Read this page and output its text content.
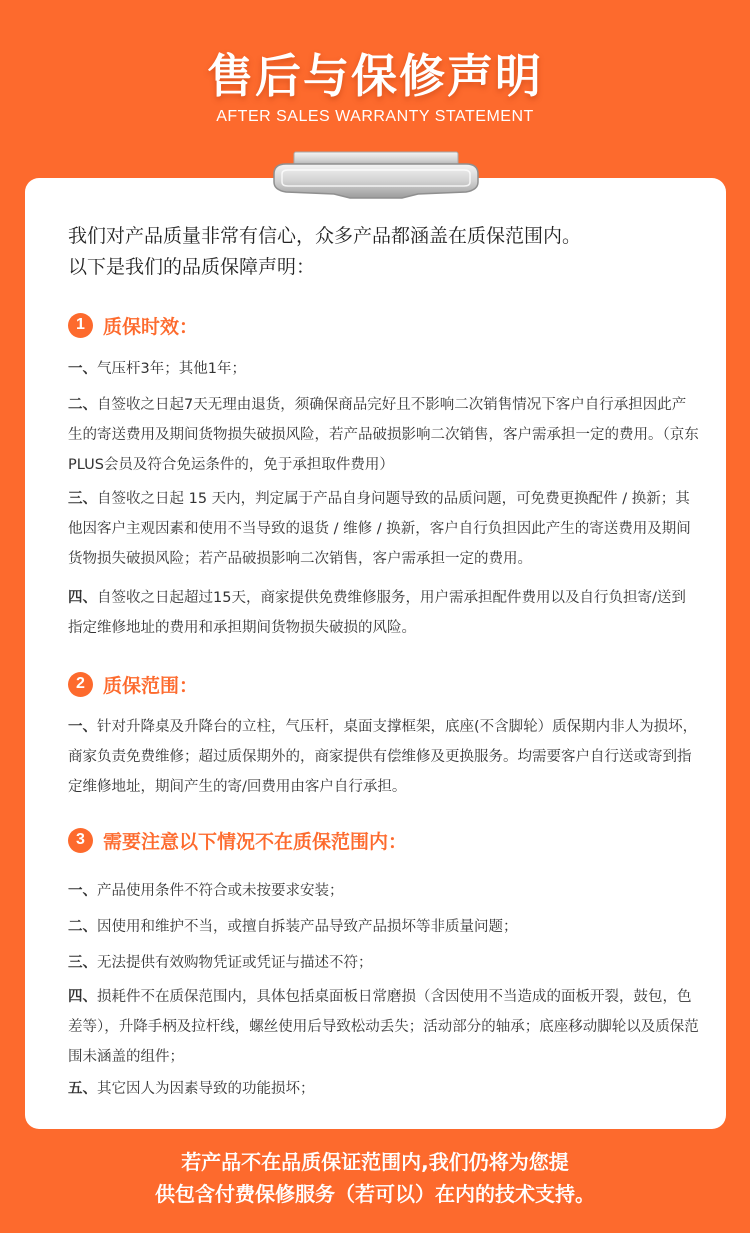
售后与保修声明
AFTER SALES WARRANTY STATEMENT
我们对产品质量非常有信心，众多产品都涵盖在质保范围内。
以下是我们的品质保障声明：
1 质保时效：
一、气压杆3年；其他1年；
二、自签收之日起7天无理由退货，须确保商品完好且不影响二次销售情况下客户自行承担因此产生的寄送费用及期间货物损失破损风险，若产品破损影响二次销售，客户需承担一定的费用。（京东PLUS会员及符合免运条件的，免于承担取件费用）
三、自签收之日起 15 天内，判定属于产品自身问题导致的品质问题，可免费更换配件 / 换新；其他因客户主观因素和使用不当导致的退货 / 维修 / 换新，客户自行负担因此产生的寄送费用及期间货物损失破损风险；若产品破损影响二次销售，客户需承担一定的费用。
四、自签收之日起超过15天，商家提供免费维修服务，用户需承担配件费用以及自行负担寄/送到指定维修地址的费用和承担期间货物损失破损的风险。
2 质保范围：
一、针对升降桌及升降台的立柱，气压杆，桌面支撑框架，底座(不含脚轮）质保期内非人为损坏，商家负责免费维修；超过质保期外的，商家提供有偿维修及更换服务。均需要客户自行送或寄到指定维修地址，期间产生的寄/回费用由客户自行承担。
3 需要注意以下情况不在质保范围内：
一、产品使用条件不符合或未按要求安装；
二、因使用和维护不当，或擅自拆装产品导致产品损坏等非质量问题；
三、无法提供有效购物凭证或凭证与描述不符；
四、损耗件不在质保范围内，具体包括桌面板日常磨损（含因使用不当造成的面板开裂，鼓包，色差等），升降手柄及拉杆线，螺丝使用后导致松动丢失；活动部分的轴承；底座移动脚轮以及质保范围未涵盖的组件；
五、其它因人为因素导致的功能损坏；
若产品不在品质保证范围内,我们仍将为您提
供包含付费保修服务（若可以）在内的技术支持。
